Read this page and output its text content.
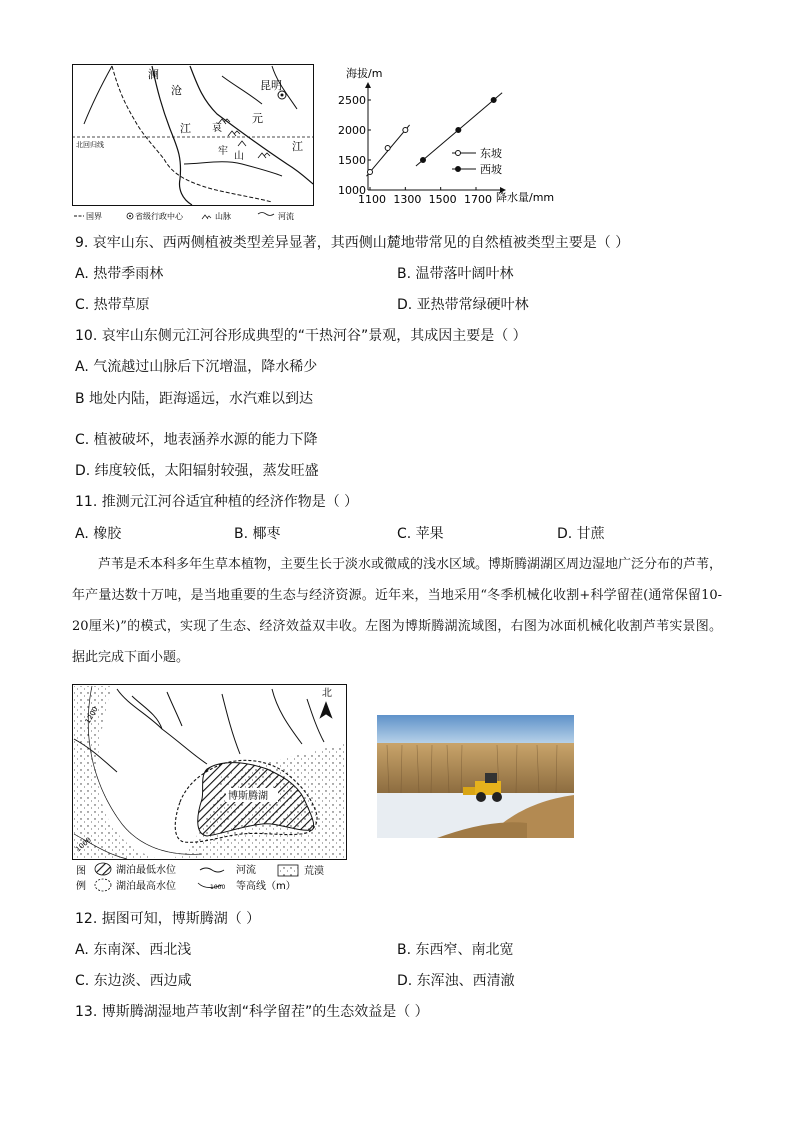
澜
沧
江
昆明
哀
牢 山
元
江
北回归线
国界	省级行政中心	山脉	河流
海拔/m
降水量/mm
东坡
西坡
1100 1300 1500 1700
1000
1500
2000
2500
9. 哀牢山东、西两侧植被类型差异显著，其西侧山麓地带常见的自然植被类型主要是（ ）
A. 热带季雨林	B. 温带落叶阔叶林
C. 热带草原	D. 亚热带常绿硬叶林
10. 哀牢山东侧元江河谷形成典型的“干热河谷”景观，其成因主要是（ ）
A. 气流越过山脉后下沉增温，降水稀少
B 地处内陆，距海遥远，水汽难以到达
C. 植被破坏，地表涵养水源的能力下降
D. 纬度较低，太阳辐射较强，蒸发旺盛
11. 推测元江河谷适宜种植的经济作物是（ ）
A. 橡胶	B. 椰枣	C. 苹果	D. 甘蔗
芦苇是禾本科多年生草本植物，主要生长于淡水或微咸的浅水区域。博斯腾湖湖区周边湿地广泛分布的芦苇，年产量达数十万吨，是当地重要的生态与经济资源。近年来，当地采用“冬季机械化收割+科学留茬(通常保留10-20厘米)”的模式，实现了生态、经济效益双丰收。左图为博斯腾湖流域图，右图为冰面机械化收割芦苇实景图。据此完成下面小题。
1200
1000
博斯腾湖
北
图
例
湖泊最低水位
湖泊最高水位
河流
1000 等高线（m）
荒漠
12. 据图可知，博斯腾湖（ ）
A. 东南深、西北浅	B. 东西窄、南北宽
C. 东边淡、西边咸	D. 东浑浊、西清澈
13. 博斯腾湖湿地芦苇收割“科学留茬”的生态效益是（ ）
